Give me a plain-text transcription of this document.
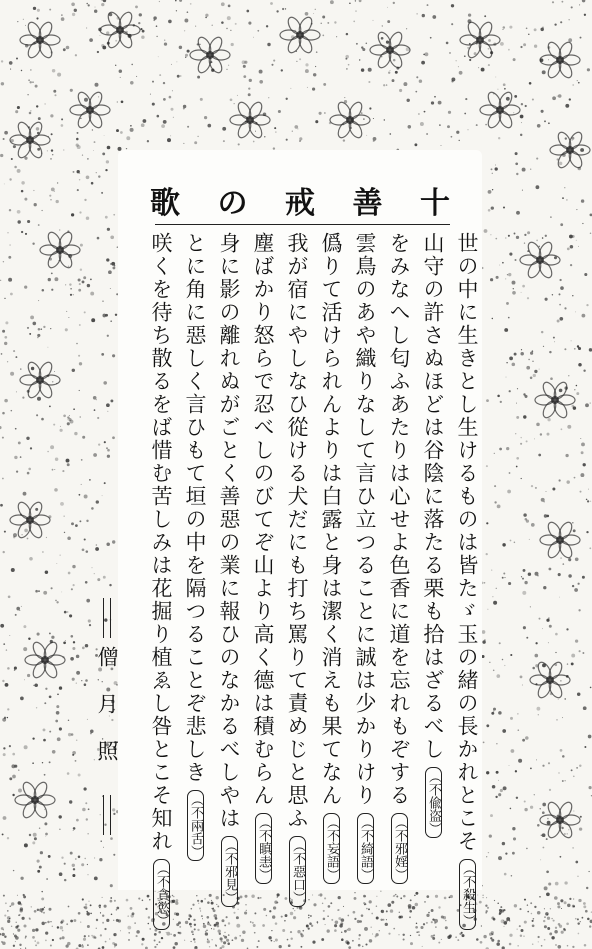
十
善
戒
の
歌
世の中に生きとし生けるものは皆たゞ玉の緒の長かれとこそ（不殺生）
山守の許さぬほどは谷陰に落たる栗も拾はざるべし（不偸盗）
をみなへし匂ふあたりは心せよ色香に道を忘れもぞする（不邪婬）
雲鳥のあや織りなして言ひ立つることに誠は少かりけり（不綺語）
僞りて活けられんよりは白露と身は潔く消えも果てなん（不妄語）
我が宿にやしなひ從ける犬だにも打ち罵りて責めじと思ふ（不惡口）
塵ばかり怒らで忍べしのびてぞ山より高く德は積むらん（不瞋恚）
身に影の離れぬがごとく善惡の業に報ひのなかるべしやは（不邪見）
とに角に惡しく言ひもて垣の中を隔つることぞ悲しき（不兩舌）
咲くを待ち散るをば惜む苦しみは花掘り植ゑし咎とこそ知れ（不貪慾）
僧月照
